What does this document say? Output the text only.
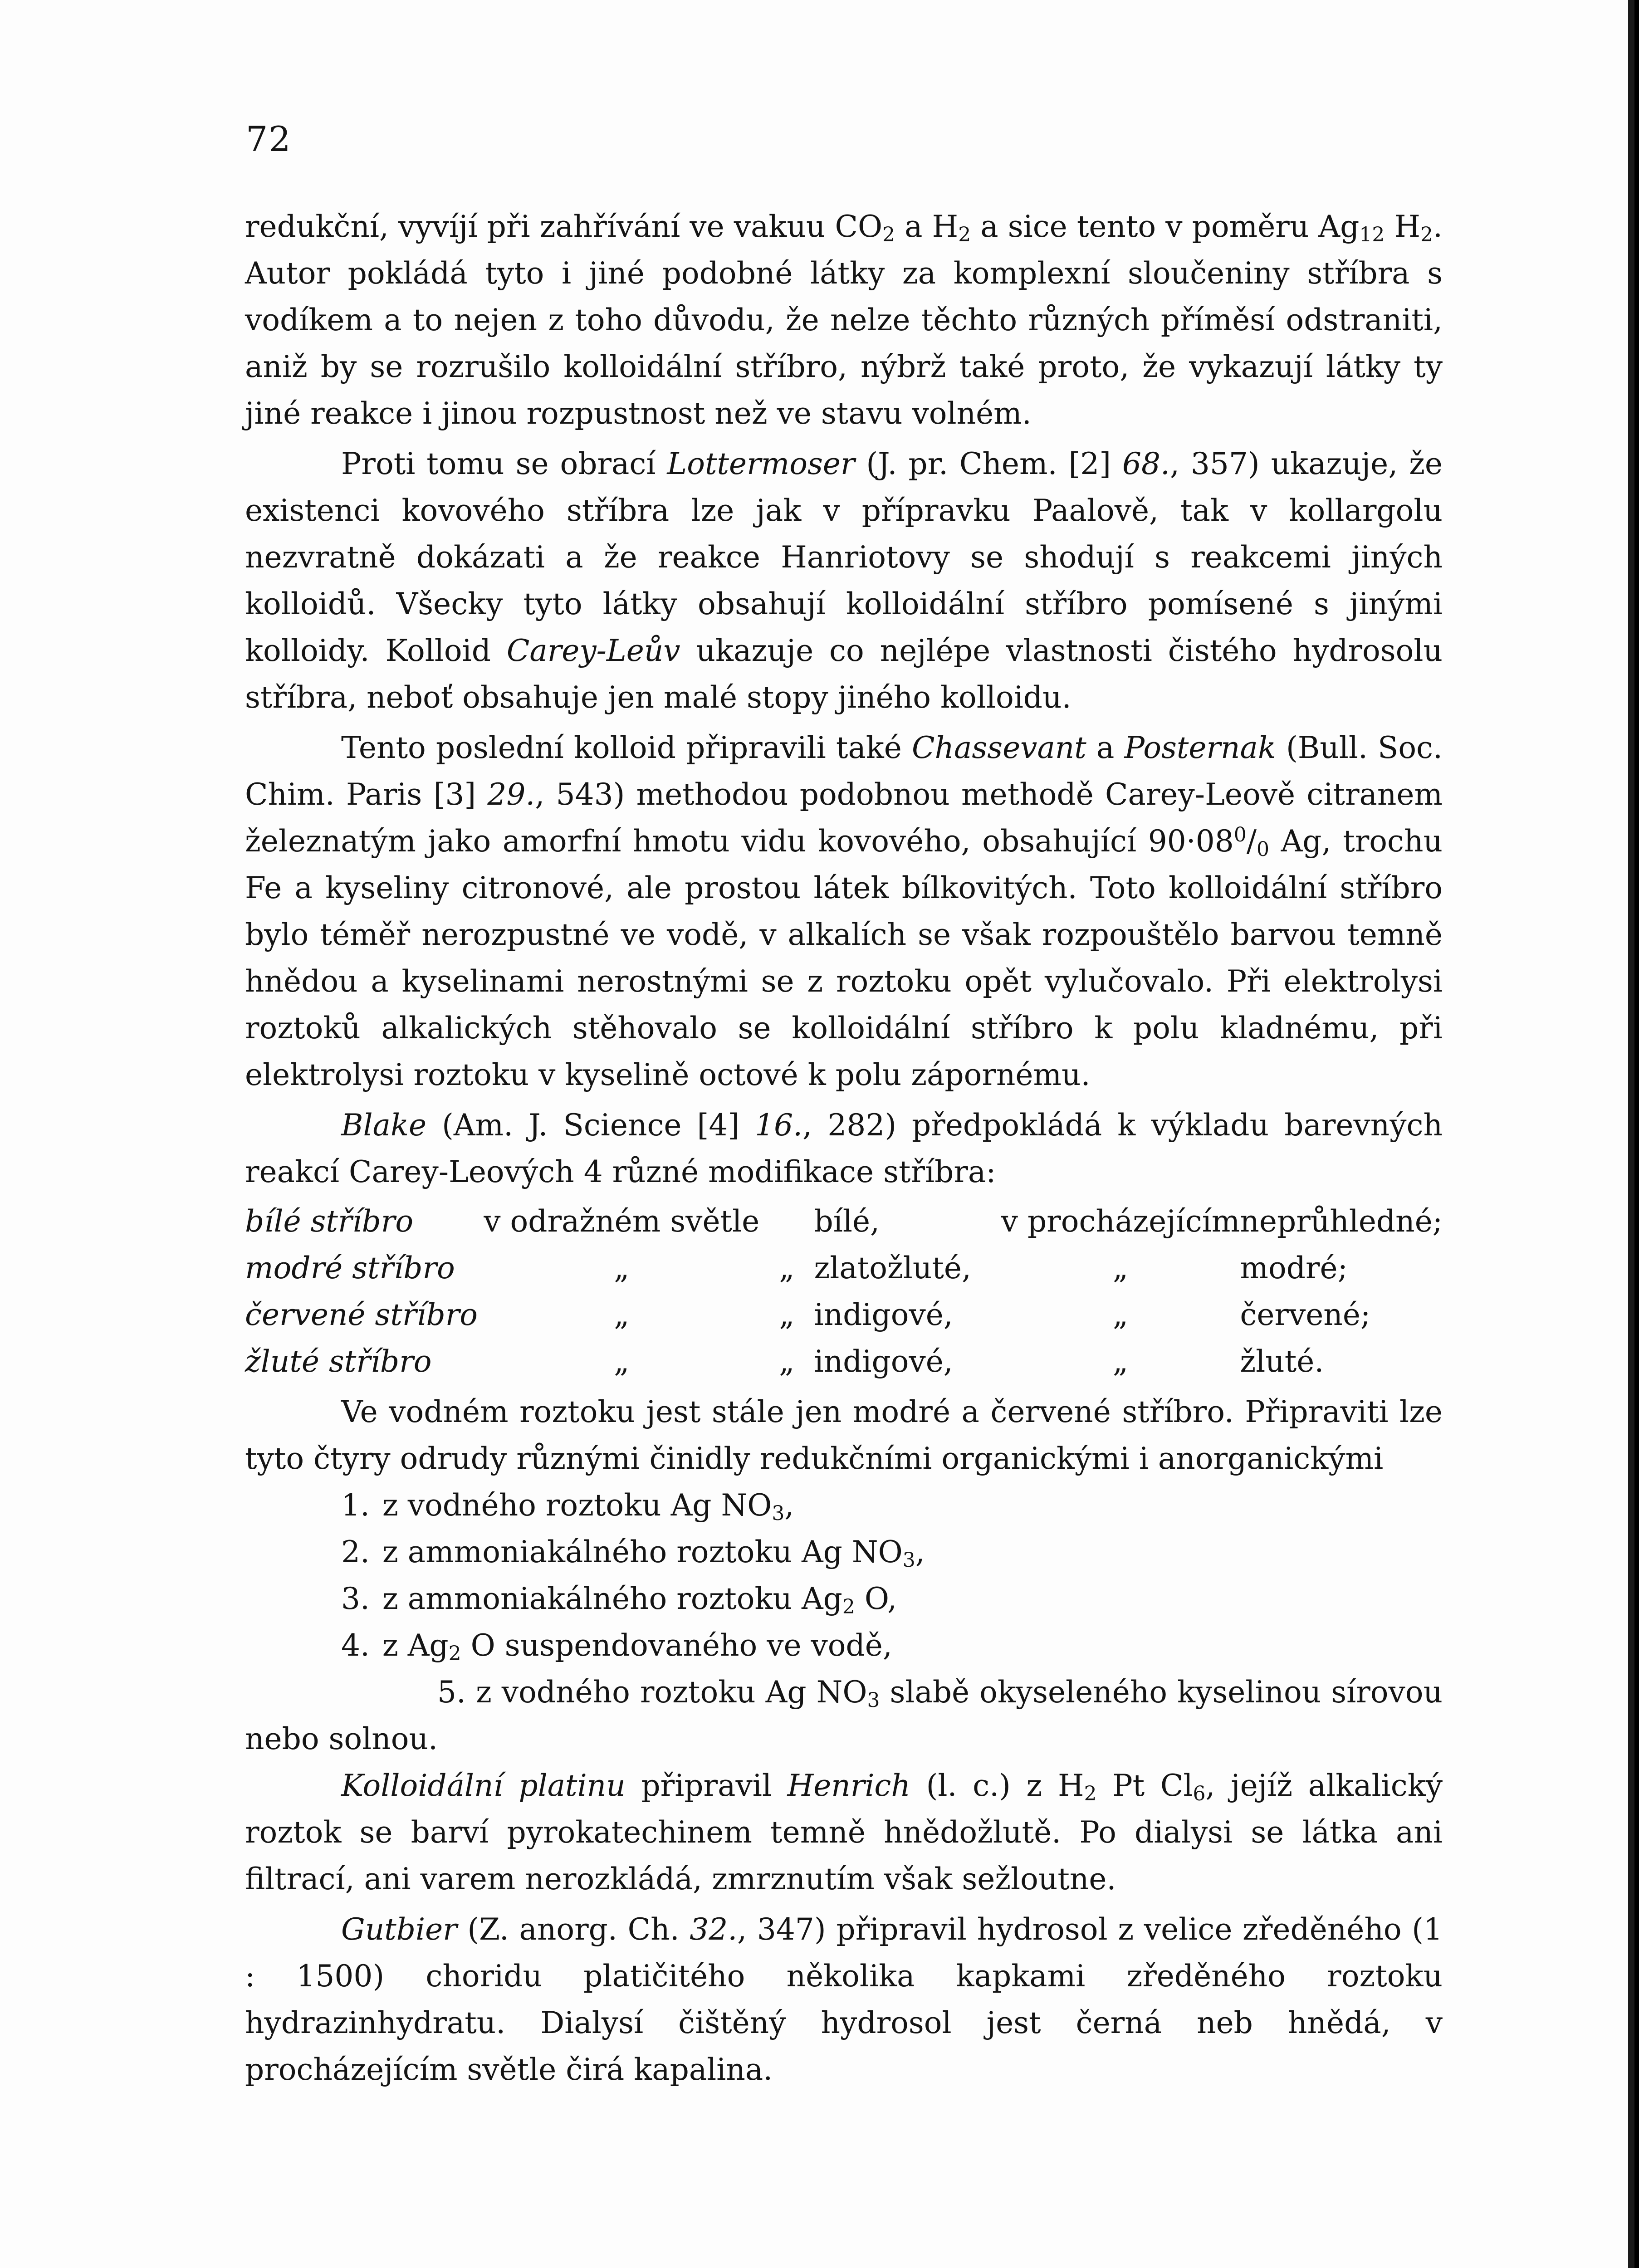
72

redukční, vyvíjí při zahřívání ve vakuu $CO_2$ a $H_2$ a sice tento v poměru $Ag_{12}$ $H_2$. Autor pokládá tyto i jiné podobné látky za komplexní sloučeniny stříbra s vodíkem a to nejen z toho důvodu, že nelze těchto různých příměsí odstraniti, aniž by se rozrušilo kolloidální stříbro, nýbrž také proto, že vykazují látky ty jiné reakce i jinou rozpustnost než ve stavu volném.

Proti tomu se obrací Lottermoser (J. pr. Chem. [2] 68., 357) ukazuje, že existenci kovového stříbra lze jak v přípravku Paalově, tak v kollargolu nezvratně dokázati a že reakce Hanriotovy se shodují s reakcemi jiných kolloidů. Všecky tyto látky obsahují kolloidální stříbro pomísené s jinými kolloidy. Kolloid Carey-Leův ukazuje co nejlépe vlastnosti čistého hydrosolu stříbra, neboť obsahuje jen malé stopy jiného kolloidu.

Tento poslední kolloid připravili také Chassevant a Posternak (Bull. Soc. Chim. Paris [3] 29., 543) methodou podobnou methodě Carey-Leově citranem železnatým jako amorfní hmotu vidu kovového, obsahující $90\cdot 08^0/_0$ Ag, trochu Fe a kyseliny citronové, ale prostou látek bílkovitých. Toto kolloidální stříbro bylo téměř nerozpustné ve vodě, v alkalích se však rozpouštělo barvou temně hnědou a kyselinami nerostnými se z roztoku opět vylučovalo. Při elektrolysi roztoků alkalických stěhovalo se kolloidální stříbro k polu kladnému, při elektrolysi roztoku v kyselině octové k polu zápornému.

Blake (Am. J. Science [4] 16., 282) předpokládá k výkladu barevných reakcí Carey-Leových 4 různé modifikace stříbra:

bílé stříbro	v odražném světle		bílé,	v procházejícím	neprůhledné;
modré stříbro	„	„	zlatožluté,	„	modré;
červené stříbro	„	„	indigové,	„	červené;
žluté stříbro	„	„	indigové,	„	žluté.

Ve vodném roztoku jest stále jen modré a červené stříbro. Připraviti lze tyto čtyry odrudy různými činidly redukčními organickými i anorganickými

1. z vodného roztoku Ag $NO_3$,
2. z ammoniakálného roztoku Ag $NO_3$,
3. z ammoniakálného roztoku $Ag_2$ O,
4. z $Ag_2$ O suspendovaného ve vodě,
5. z vodného roztoku Ag $NO_3$ slabě okyseleného kyselinou sírovou nebo solnou.

Kolloidální platinu připravil Henrich (l. c.) z $H_2$ Pt $Cl_6$, jejíž alkalický roztok se barví pyrokatechinem temně hnědožlutě. Po dialysi se látka ani filtrací, ani varem nerozkládá, zmrznutím však sežloutne.

Gutbier (Z. anorg. Ch. 32., 347) připravil hydrosol z velice zředěného (1 : 1500) choridu platičitého několika kapkami zředěného roztoku hydrazinhydratu. Dialysí čištěný hydrosol jest černá neb hnědá, v procházejícím světle čirá kapalina.
